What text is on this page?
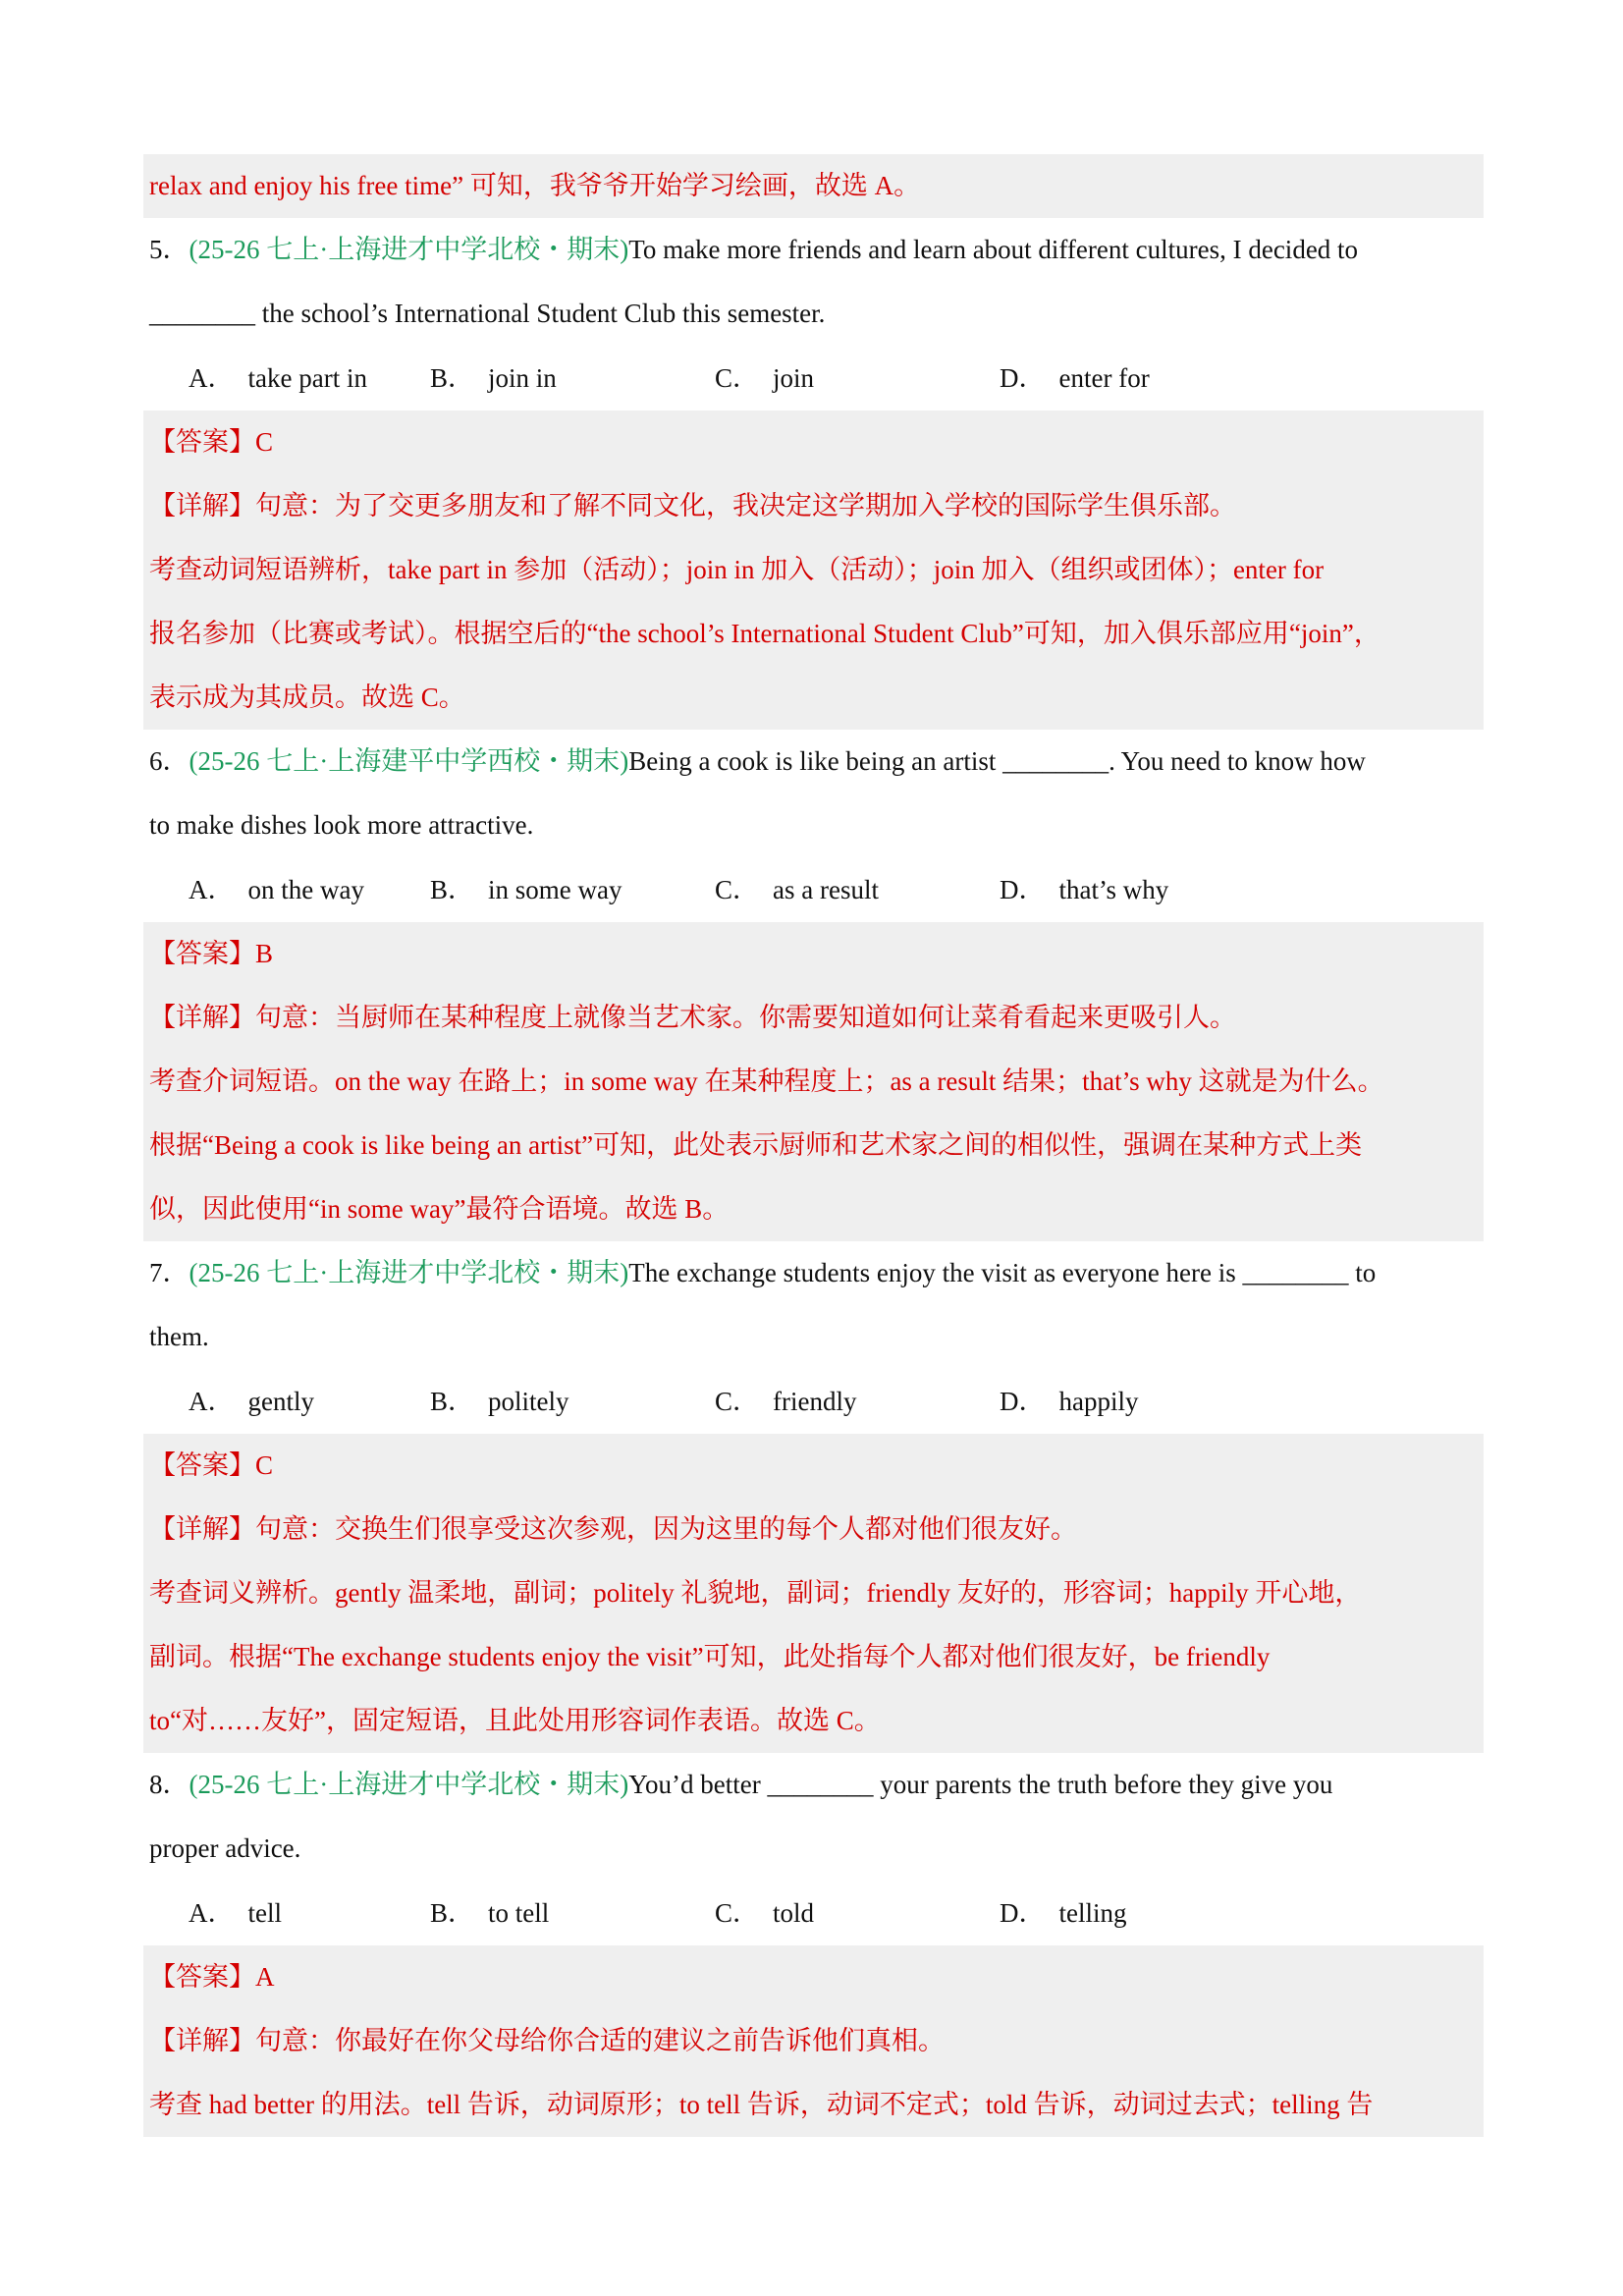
relax and enjoy his free time” 可知，我爷爷开始学习绘画，故选 A。
5．(25-26 七上·上海进才中学北校・期末)To make more friends and learn about different cultures, I decided to
________ the school’s International Student Club this semester.
A． take part in B． join in	C． join	D． enter for
【答案】C
【详解】句意：为了交更多朋友和了解不同文化，我决定这学期加入学校的国际学生俱乐部。
考查动词短语辨析，take part in 参加（活动）；join in 加入（活动）；join 加入（组织或团体）；enter for
报名参加（比赛或考试）。根据空后的“the school’s International Student Club”可知，加入俱乐部应用“join”，
表示成为其成员。故选 C。
6．(25-26 七上·上海建平中学西校・期末)Being a cook is like being an artist ________. You need to know how
to make dishes look more attractive.
A． on the way B． in some way	C． as a result	D． that’s why
【答案】B
【详解】句意：当厨师在某种程度上就像当艺术家。你需要知道如何让菜肴看起来更吸引人。
考查介词短语。on the way 在路上；in some way 在某种程度上；as a result 结果；that’s why 这就是为什么。
根据“Being a cook is like being an artist”可知，此处表示厨师和艺术家之间的相似性，强调在某种方式上类
似，因此使用“in some way”最符合语境。故选 B。
7．(25-26 七上·上海进才中学北校・期末)The exchange students enjoy the visit as everyone here is ________ to
them.
A． gently	B． politely	C． friendly	D． happily
【答案】C
【详解】句意：交换生们很享受这次参观，因为这里的每个人都对他们很友好。
考查词义辨析。gently 温柔地，副词；politely 礼貌地，副词；friendly 友好的，形容词；happily 开心地，
副词。根据“The exchange students enjoy the visit”可知，此处指每个人都对他们很友好，be friendly
to“对……友好”，固定短语，且此处用形容词作表语。故选 C。
8．(25-26 七上·上海进才中学北校・期末)You’d better ________ your parents the truth before they give you
proper advice.
A． tell	B． to tell	C． told	D． telling
【答案】A
【详解】句意：你最好在你父母给你合适的建议之前告诉他们真相。
考查 had better 的用法。tell 告诉，动词原形；to tell 告诉，动词不定式；told 告诉，动词过去式；telling 告
